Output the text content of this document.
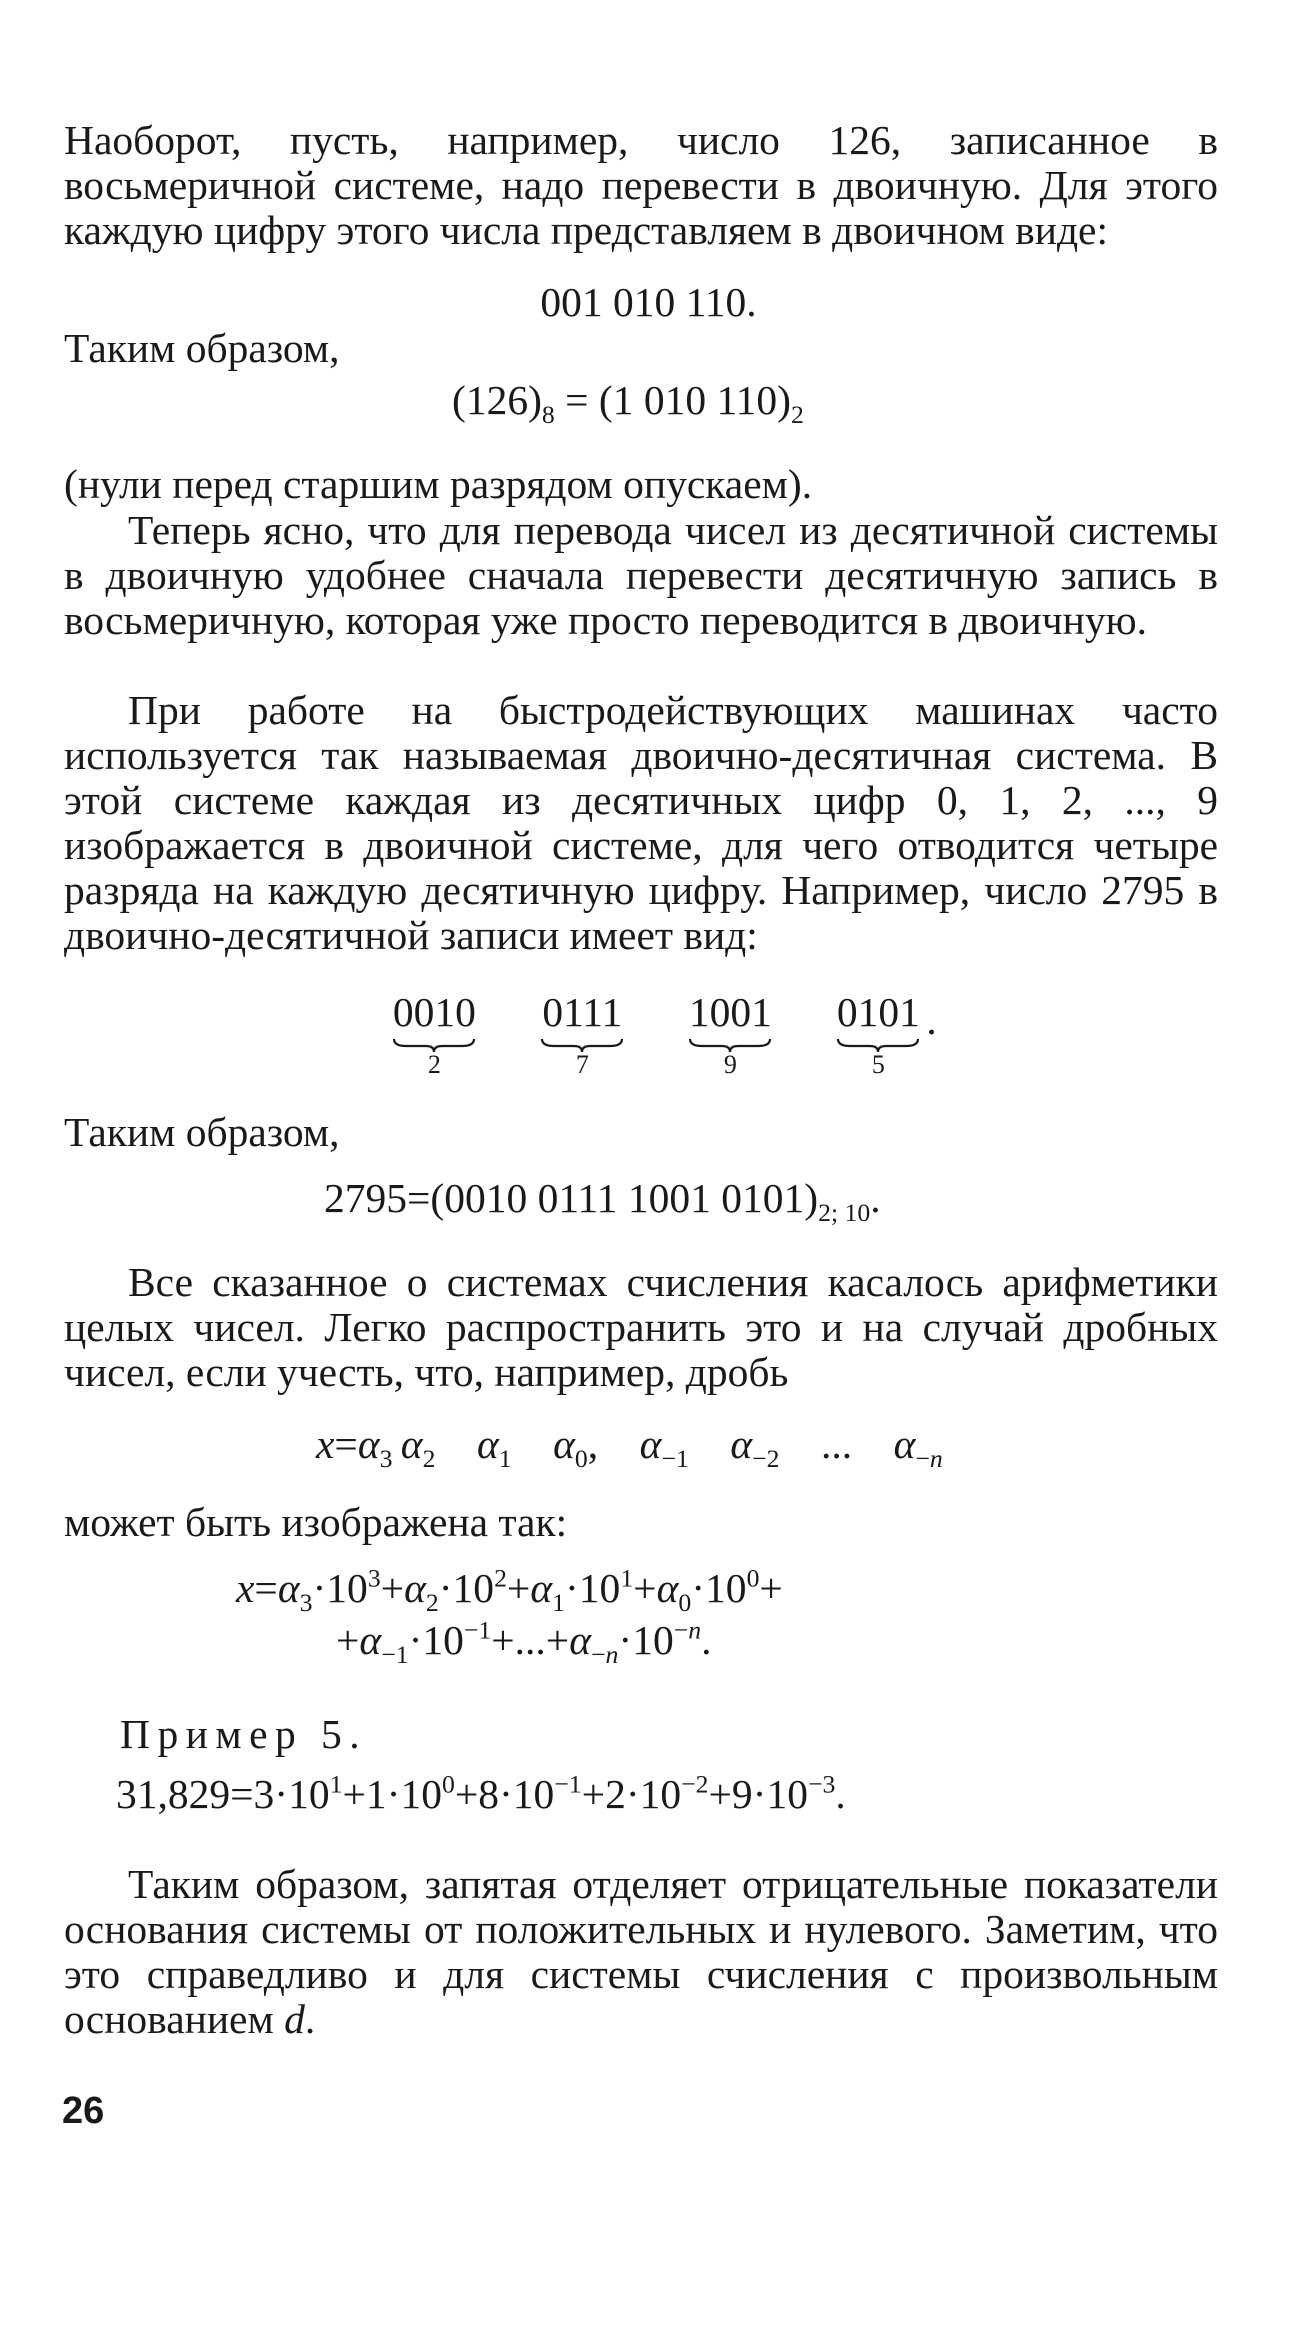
Наоборот, пусть, например, число 126, записанное в восьмеричной системе, надо перевести в двоичную. Для этого каждую цифру этого числа представляем в двоичном виде:

001 010 110.
Таким образом,
$(126)_8 = (1$ 010 $110)_2$
(нули перед старшим разрядом опускаем).

Теперь ясно, что для перевода чисел из десятичной системы в двоичную удобнее сначала перевести десятичную запись в восьмеричную, которая уже просто переводится в двоичную.

При работе на быстродействующих машинах часто используется так называемая двоично-десятичная система. В этой системе каждая из десятичных цифр 0, 1, 2, ..., 9 изображается в двоичной системе, для чего отводится четыре разряда на каждую десятичную цифру. Например, число 2795 в двоично-десятичной записи имеет вид:

0010
2
0111
7
1001
9
0101
5
.
Таким образом,
2795=(0010 0111 1001 $0101)_{2; 10}$.

Все сказанное о системах счисления касалось арифметики целых чисел. Легко распространить это и на случай дробных чисел, если учесть, что, например, дробь

$x=\alpha_3$  $\alpha_2$  $\alpha_1$  $\alpha_0$, $\alpha_{-1}$  $\alpha_{-2}$ ... $\alpha_{-n}$
может быть изображена так:
$x=\alpha_3\cdot 10^3+\alpha_2\cdot 10^2+\alpha_1\cdot 10^1+\alpha_0\cdot 10^0+$
$+\alpha_{-1}\cdot 10^{-1}+...+\alpha_{-n}\cdot 10^{-n}$.
Пример 5.
$31,829=3\cdot 10^1+1\cdot 10^0+8\cdot 10^{-1}+2\cdot 10^{-2}+9\cdot 10^{-3}$.

Таким образом, запятая отделяет отрицательные показатели основания системы от положительных и нулевого. Заметим, что это справедливо и для системы счисления с произвольным основанием d.

26
